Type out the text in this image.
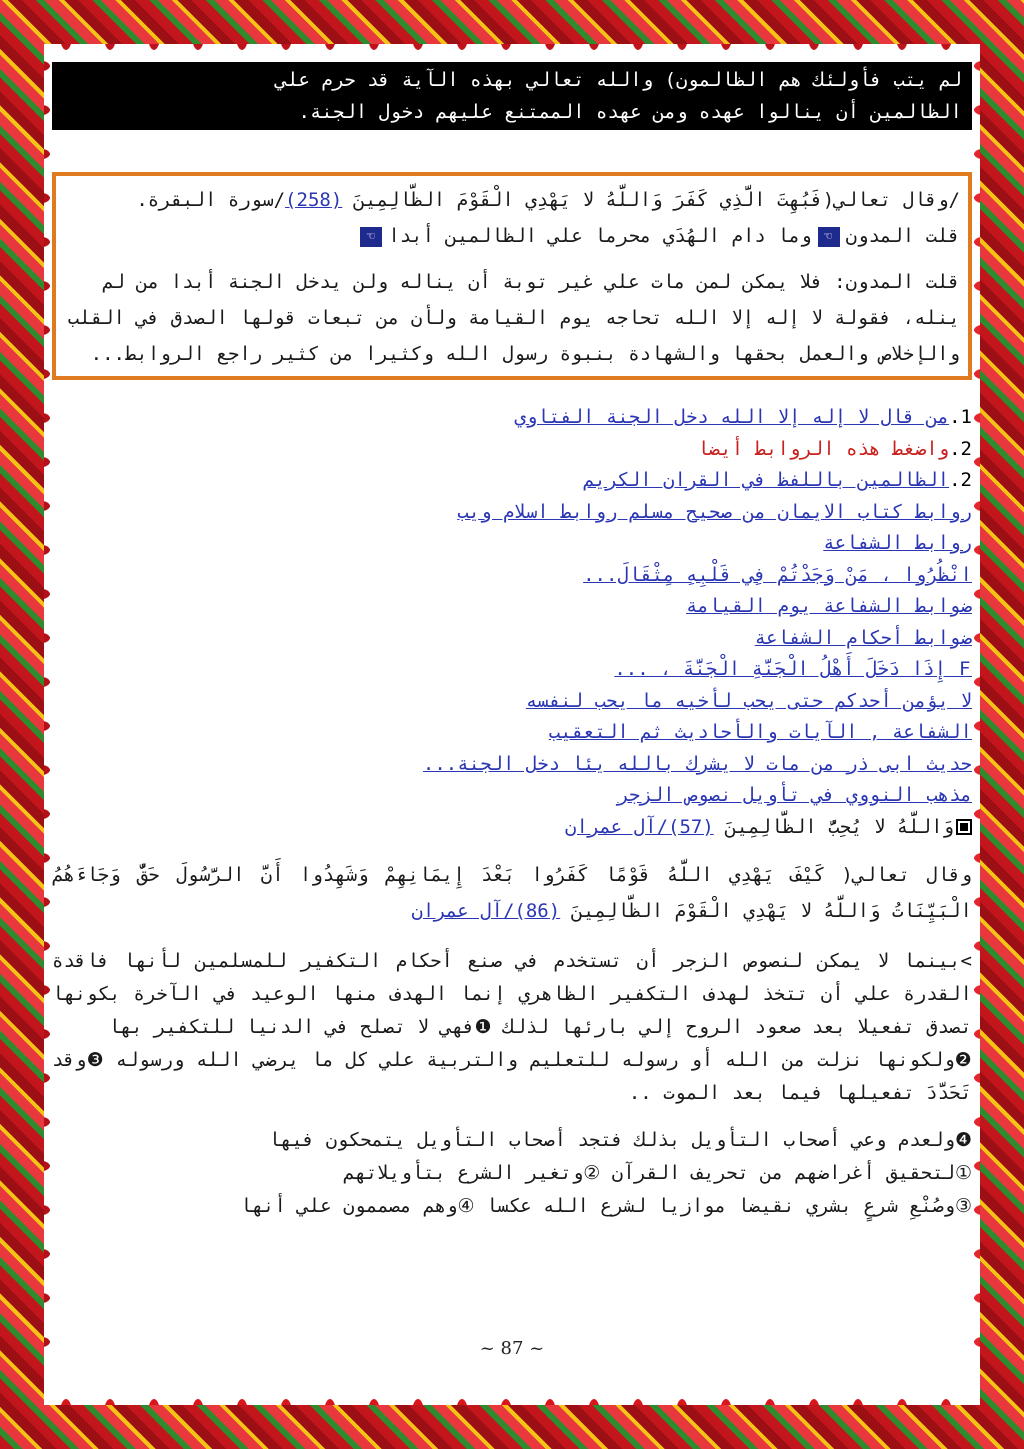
لم يتب فأولئك هم الظالمون) والله تعالي بهذه الآية قد حرم علي
الظالمين أن ينالوا عهده ومن عهده الممتنع عليهم دخول الجنة.

/وقال تعالي(فَبُهِتَ الَّذِي كَفَرَ وَاللَّهُ لا يَهْدِي الْقَوْمَ الظَّالِمِينَ (258)/سورة البقرة.

قلت المدون☜وما دام الهُدَي محرما علي الظالمين أبدا☜

قلت المدون: فلا يمكن لمن مات علي غير توبة أن يناله ولن يدخل الجنة أبدا من لم ينله، فقولة لا إله إلا الله تحاجه يوم القيامة ولأن من تبعات قولها الصدق في القلب والإخلاص والعمل بحقها والشهادة بنبوة رسول الله وكثيرا من كثير راجع الروابط...

1.من قال لا إله إلا الله دخل الجنة الفتاوي
2.واضغط هذه الروابط أيضا
2.الظالمين باللفظ في القران الكريم
روابط كتاب الايمان من صحيح مسلم روابط اسلام ويب
روابط الشفاعة
انْظُرُوا ، مَنْ وَجَدْتُمْ فِي قَلْبِهِ مِثْقَالَ...
ضوابط الشفاعة يوم القيامة
ضوابط أحكام الشفاعة
F إِذَا دَخَلَ أَهْلُ الْجَنَّةِ الْجَنَّةَ ، ...
لا يؤمن أحدكم حتى يحب لأخيه ما يحب لنفسه
الشفاعة , الآيات والأحاديث ثم التعقيب
حديث ابى ذر من مات لا يشرك بالله يئا دخل الجنة...
مذهب النووي في تأويل نصوص الزجر
وَاللَّهُ لا يُحِبُّ الظَّالِمِينَ (57)/آل عمران
وقال تعالي( كَيْفَ يَهْدِي اللَّهُ قَوْمًا كَفَرُوا بَعْدَ إِيمَانِهِمْ وَشَهِدُوا أَنَّ الرَّسُولَ حَقٌّ وَجَاءَهُمُ الْبَيِّنَاتُ وَاللَّهُ لا يَهْدِي الْقَوْمَ الظَّالِمِينَ (86)/آل عمران
>بينما لا يمكن لنصوص الزجر أن تستخدم في صنع أحكام التكفير للمسلمين لأنها فاقدة القدرة علي أن تتخذ لهدف التكفير الظاهري إنما الهدف منها الوعيد في الآخرة بكونها تصدق تفعيلا بعد صعود الروح إلي بارئها لذلك ❶فهي لا تصلح في الدنيا للتكفير بها
❷ولكونها نزلت من الله أو رسوله للتعليم والتربية علي كل ما يرضي الله ورسوله ❸وقد تَحَدَّدَ تفعيلها فيما بعد الموت ..
❹ولعدم وعي أصحاب التأويل بذلك فتجد أصحاب التأويل يتمحكون فيها
①لتحقيق أغراضهم من تحريف القرآن ②وتغير الشرع بتأويلاتهم
③وصُنْعِ شرعٍ بشري نقيضا موازيا لشرع الله عكسا ④وهم مصممون علي أنها
~ 87 ~
